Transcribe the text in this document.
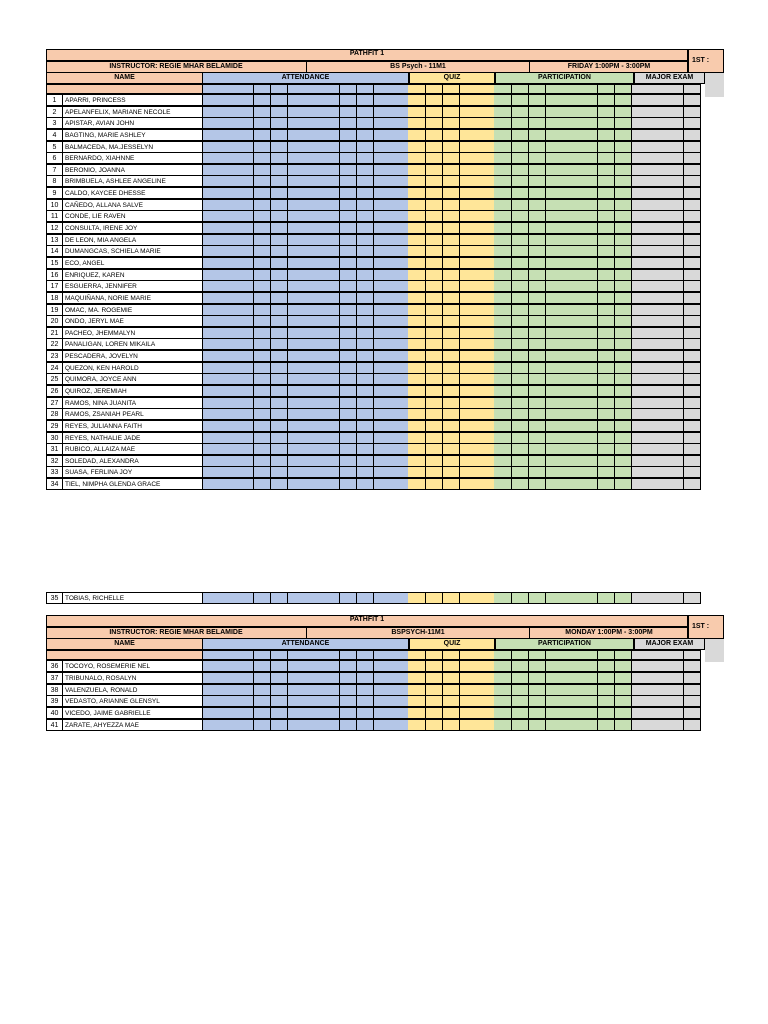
PATHFIT 1
1ST :
INSTRUCTOR: REGIE MHAR BELAMIDE	BS Psych - 11M1	FRIDAY 1:00PM - 3:00PM
NAME	ATTENDANCE	QUIZ	PARTICIPATION	MAJOR EXAM
1	APARRI, PRINCESS
2	APELANFELIX, MARIANE NECOLE
3	APISTAR, AVIAN JOHN
4	BAGTING, MARIE ASHLEY
5	BALMACEDA, MA.JESSELYN
6	BERNARDO, XIAHNNE
7	BERONIO, JOANNA
8	BRIMBUELA, ASHLEE ANGELINE
9	CALDO, KAYCEE DHESSE
10	CAÑEDO, ALLANA SALVE
11	CONDE, LIE RAVEN
12	CONSULTA, IRENE JOY
13	DE LEON, MIA ANGELA
14	DUMANGCAS, SCHIELA MARIE
15	ECO, ANGEL
16	ENRIQUEZ, KAREN
17	ESGUERRA, JENNIFER
18	MAQUIÑANA, NORIE MARIE
19	OMAC, MA. ROGEMIE
20	ONDO, JERYL MAE
21	PACHEO, JHEMMALYN
22	PANALIGAN, LOREN MIKAILA
23	PESCADERA, JOVELYN
24	QUEZON, KEN HAROLD
25	QUIMORA, JOYCE ANN
26	QUIROZ, JEREMIAH
27	RAMOS, NINA JUANITA
28	RAMOS, ZSANIAH PEARL
29	REYES, JULIANNA FAITH
30	REYES, NATHALIE JADE
31	RUBICO, ALLAIZA MAE
32	SOLEDAD, ALEXANDRA
33	SUASA, FERLINA JOY
34	TIEL, NIMPHA GLENDA GRACE
35	TOBIAS, RICHELLE
PATHFIT 1
1ST :
INSTRUCTOR: REGIE MHAR BELAMIDE	BSPSYCH-11M1	MONDAY 1:00PM - 3:00PM
NAME	ATTENDANCE	QUIZ	PARTICIPATION	MAJOR EXAM
36	TOCOYO, ROSEMERIE NEL
37	TRIBUNALO, ROSALYN
38	VALENZUELA, RONALD
39	VEDASTO, ARIANNE GLENSYL
40	VICEDO, JAIME GABRIELLE
41	ZARATE, AHYEZZA MAE
